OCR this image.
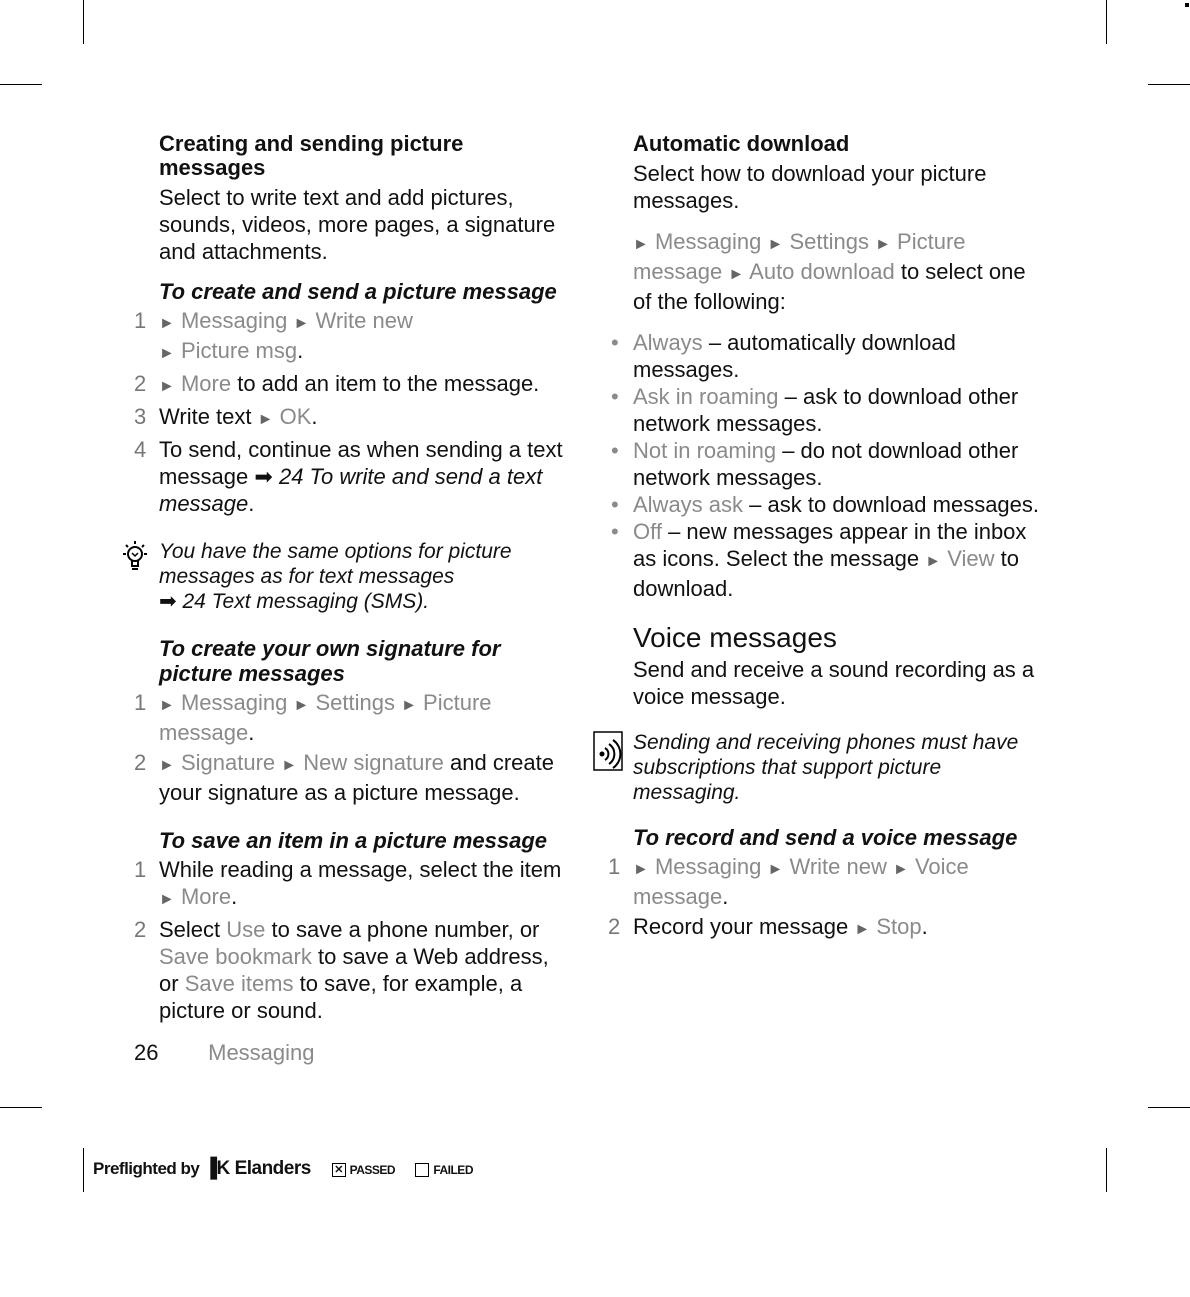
Creating and sending picture messages

Select to write text and add pictures, sounds, videos, more pages, a signature and attachments.

To create and send a picture message
1 ► Messaging ► Write new
► Picture msg.
2 ► More to add an item to the message.
3 Write text ► OK.
4 To send, continue as when sending a text message ➡ 24 To write and send a text message.
You have the same options for picture messages as for text messages
➡ 24 Text messaging (SMS).
To create your own signature for picture messages
1 ► Messaging ► Settings ► Picture message.
2 ► Signature ► New signature and create your signature as a picture message.
To save an item in a picture message
1 While reading a message, select the item ► More.
2 Select Use to save a phone number, or Save bookmark to save a Web address, or Save items to save, for example, a picture or sound.
Automatic download

Select how to download your picture messages.

► Messaging ► Settings ► Picture message ► Auto download to select one of the following:

• Always – automatically download messages.
• Ask in roaming – ask to download other network messages.
• Not in roaming – do not download other network messages.
• Always ask – ask to download messages.
• Off – new messages appear in the inbox as icons. Select the message ► View to download.
Voice messages

Send and receive a sound recording as a voice message.

Sending and receiving phones must have subscriptions that support picture messaging.
To record and send a voice message
1 ► Messaging ► Write new ► Voice message.
2 Record your message ► Stop.
26 Messaging
Preflighted by ▐K Elanders ✕ PASSED	FAILED
